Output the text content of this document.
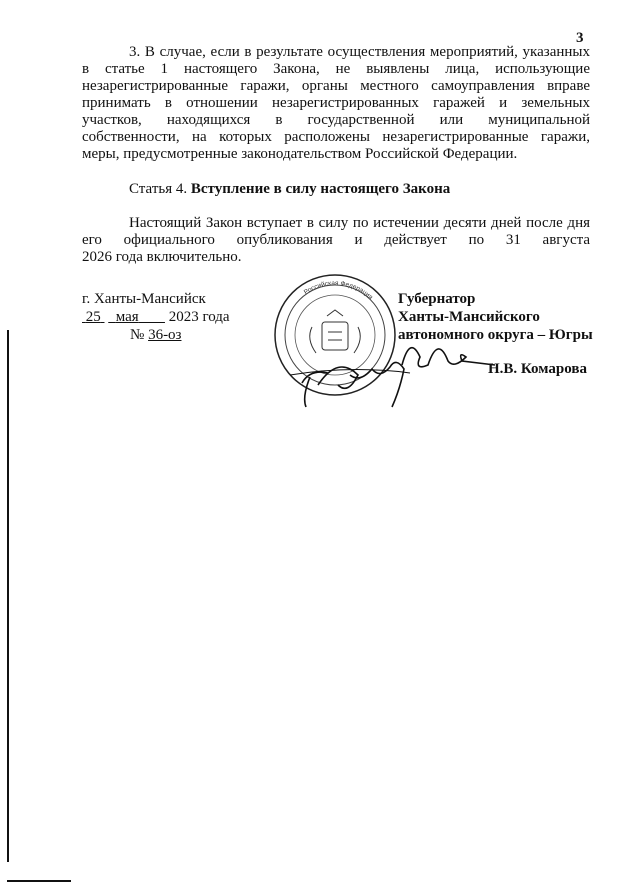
3
3. В случае, если в результате осуществления мероприятий, указанных
в статье 1 настоящего Закона, не выявлены лица, использующие
незарегистрированные гаражи, органы местного самоуправления вправе
принимать в отношении незарегистрированных гаражей и земельных
участков, находящихся в государственной или муниципальной
собственности, на которых расположены незарегистрированные гаражи,
меры, предусмотренные законодательством Российской Федерации.
Статья 4. Вступление в силу настоящего Закона
Настоящий Закон вступает в силу по истечении десяти дней после дня
его официального опубликования и действует по 31 августа
2026 года включительно.
г. Ханты-Мансийск
25 мая 2023 года
№ 36-оз
Российская Федерация Губернатор
Ханты-Мансийского
автономного округа – Югры
Н.В. Комарова
